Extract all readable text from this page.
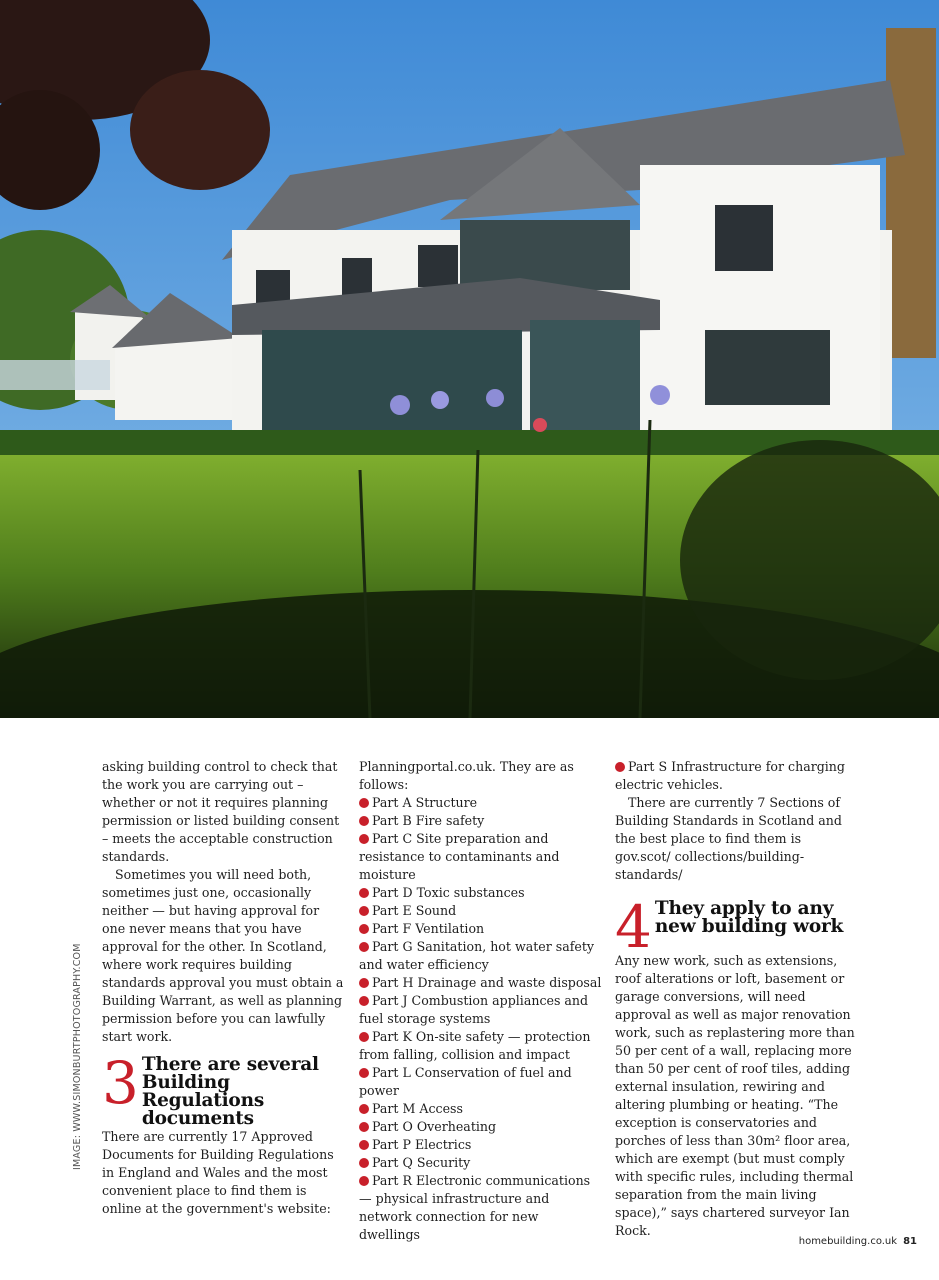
IMAGE: WWW.SIMONBURTPHOTOGRAPHY.COM

asking building control to check that the work you are carrying out – whether or not it requires planning permission or listed building consent – meets the acceptable construction standards.

Sometimes you will need both, sometimes just one, occasionally neither — but having approval for one never means that you have approval for the other. In Scotland, where work requires building standards approval you must obtain a Building Warrant, as well as planning permission before you can lawfully start work.

3 There are several Building Regulations documents

There are currently 17 Approved Documents for Building Regulations in England and Wales and the most convenient place to find them is online at the government's website:

Planningportal.co.uk. They are as follows:

Part A Structure

Part B Fire safety

Part C Site preparation and resistance to contaminants and moisture

Part D Toxic substances

Part E Sound

Part F Ventilation

Part G Sanitation, hot water safety and water efficiency

Part H Drainage and waste disposal

Part J Combustion appliances and fuel storage systems

Part K On-site safety — protection from falling, collision and impact

Part L Conservation of fuel and power

Part M Access

Part O Overheating

Part P Electrics

Part Q Security

Part R Electronic communications — physical infrastructure and network connection for new dwellings

Part S Infrastructure for charging electric vehicles.

There are currently 7 Sections of Building Standards in Scotland and the best place to find them is gov.scot/ collections/building-standards/

4 They apply to any new building work

Any new work, such as extensions, roof alterations or loft, basement or garage conversions, will need approval as well as major renovation work, such as replastering more than 50 per cent of a wall, replacing more than 50 per cent of roof tiles, adding external insulation, rewiring and altering plumbing or heating. “The exception is conservatories and porches of less than 30m² floor area, which are exempt (but must comply with specific rules, including thermal separation from the main living space),” says chartered surveyor Ian Rock.

homebuilding.co.uk 81
